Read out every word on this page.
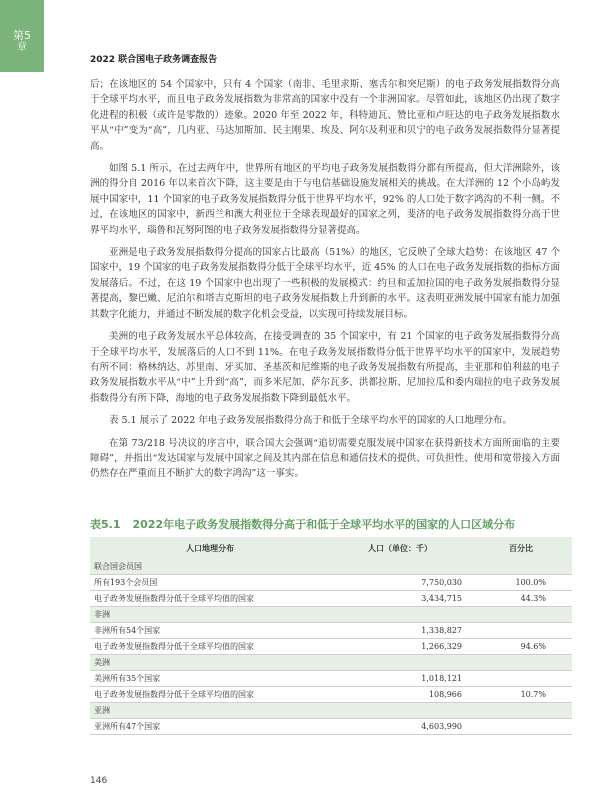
第5
章
2022 联合国电子政务调查报告

后；在该地区的 54 个国家中，只有 4 个国家（南非、毛里求斯、塞舌尔和突尼斯）的电子政务发展指数得分高于全球平均水平，而且电子政务发展指数为非常高的国家中没有一个非洲国家。尽管如此，该地区仍出现了数字化进程的积极（或许是零散的）迹象。2020 年至 2022 年，科特迪瓦、赞比亚和卢旺达的电子政务发展指数水平从“中”变为“高”，几内亚、马达加斯加、民主刚果、埃及、阿尔及利亚和贝宁的电子政务发展指数得分显著提高。

如图 5.1 所示，在过去两年中，世界所有地区的平均电子政务发展指数得分都有所提高，但大洋洲除外，该洲的得分自 2016 年以来首次下降，这主要是由于与电信基础设施发展相关的挑战。在大洋洲的 12 个小岛屿发展中国家中，11 个国家的电子政务发展指数得分低于世界平均水平，92% 的人口处于数字鸿沟的不利一侧。不过，在该地区的国家中，新西兰和澳大利亚位于全球表现最好的国家之列，斐济的电子政务发展指数得分高于世界平均水平，瑙鲁和瓦努阿图的电子政务发展指数得分显著提高。

亚洲是电子政务发展指数得分提高的国家占比最高（51%）的地区，它反映了全球大趋势：在该地区 47 个国家中，19 个国家的电子政务发展指数得分低于全球平均水平，近 45% 的人口在电子政务发展指数的指标方面发展落后。不过，在这 19 个国家中也出现了一些积极的发展模式：约旦和孟加拉国的电子政务发展指数得分显著提高，黎巴嫩、尼泊尔和塔吉克斯坦的电子政务发展指数上升到新的水平。这表明亚洲发展中国家有能力加强其数字化能力，并通过不断发展的数字化机会受益，以实现可持续发展目标。

美洲的电子政务发展水平总体较高，在接受调查的 35 个国家中，有 21 个国家的电子政务发展指数得分高于全球平均水平，发展落后的人口不到 11%。在电子政务发展指数得分低于世界平均水平的国家中，发展趋势有所不同：格林纳达、苏里南、牙买加、圣基茨和尼维斯的电子政务发展指数有所提高，圭亚那和伯利兹的电子政务发展指数水平从“中”上升到“高”，而多米尼加、萨尔瓦多、洪都拉斯、尼加拉瓜和委内瑞拉的电子政务发展指数得分有所下降，海地的电子政务发展指数下降到最低水平。

表 5.1 展示了 2022 年电子政务发展指数得分高于和低于全球平均水平的国家的人口地理分布。

在第 73/218 号决议的序言中，联合国大会强调“追切需要克服发展中国家在获得新技术方面所面临的主要障碍”，并指出“发达国家与发展中国家之间及其内部在信息和通信技术的提供、可负担性、使用和宽带接入方面仍然存在严重而且不断扩大的数字鸿沟”这一事实。

表5.1 2022年电子政务发展指数得分高于和低于全球平均水平的国家的人口区域分布
人口地理分布	人口（单位：千）	百分比
联合国会员国		
所有193个会员国	7,750,030	100.0%
电子政务发展指数得分低于全球平均值的国家	3,434,715	44.3%
非洲		
非洲所有54个国家	1,338,827	
电子政务发展指数得分低于全球平均值的国家	1,266,329	94.6%
美洲		
美洲所有35个国家	1,018,121	
电子政务发展指数得分低于全球平均值的国家	108,966	10.7%
亚洲		
亚洲所有47个国家	4,603,990	
146
